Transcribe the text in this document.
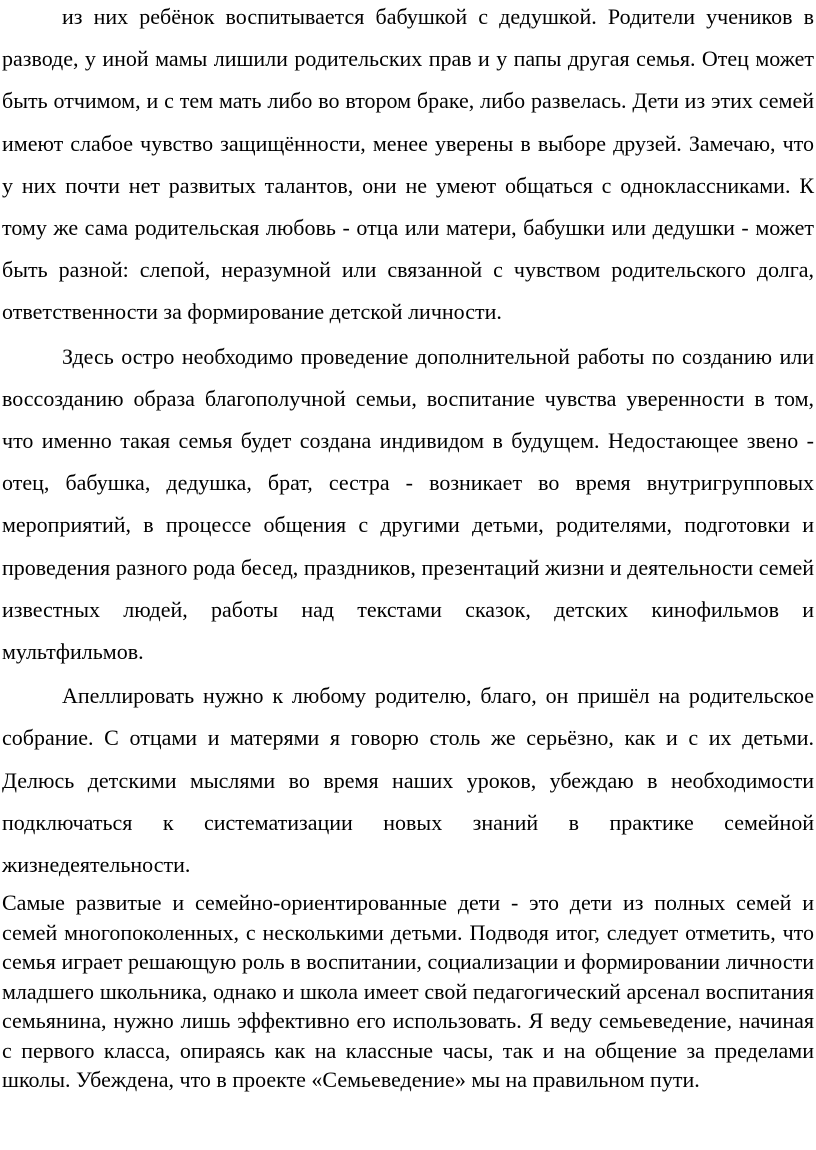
из них ребёнок воспитывается бабушкой с дедушкой. Родители учеников в разводе, у иной мамы лишили родительских прав и у папы другая семья. Отец может быть отчимом, и с тем мать либо во втором браке, либо развелась. Дети из этих семей имеют слабое чувство защищённости, менее уверены в выборе друзей. Замечаю, что у них почти нет развитых талантов, они не умеют общаться с одноклассниками. К тому же сама родительская любовь - отца или матери, бабушки или дедушки - может быть разной: слепой, неразумной или связанной с чувством родительского долга, ответственности за формирование детской личности.

Здесь остро необходимо проведение дополнительной работы по созданию или воссозданию образа благополучной семьи, воспитание чувства уверенности в том, что именно такая семья будет создана индивидом в будущем. Недостающее звено - отец, бабушка, дедушка, брат, сестра - возникает во время внутригрупповых мероприятий, в процессе общения с другими детьми, родителями, подготовки и проведения разного рода бесед, праздников, презентаций жизни и деятельности семей известных людей, работы над текстами сказок, детских кинофильмов и мультфильмов.

Апеллировать нужно к любому родителю, благо, он пришёл на родительское собрание. С отцами и матерями я говорю столь же серьёзно, как и с их детьми. Делюсь детскими мыслями во время наших уроков, убеждаю в необходимости подключаться к систематизации новых знаний в практике семейной жизнедеятельности.

Самые развитые и семейно-ориентированные дети - это дети из полных семей и семей многопоколенных, с несколькими детьми. Подводя итог, следует отметить, что семья играет решающую роль в воспитании, социализации и формировании личности младшего школьника, однако и школа имеет свой педагогический арсенал воспитания семьянина, нужно лишь эффективно его использовать. Я веду семьеведение, начиная с первого класса, опираясь как на классные часы, так и на общение за пределами школы. Убеждена, что в проекте «Семьеведение» мы на правильном пути.
